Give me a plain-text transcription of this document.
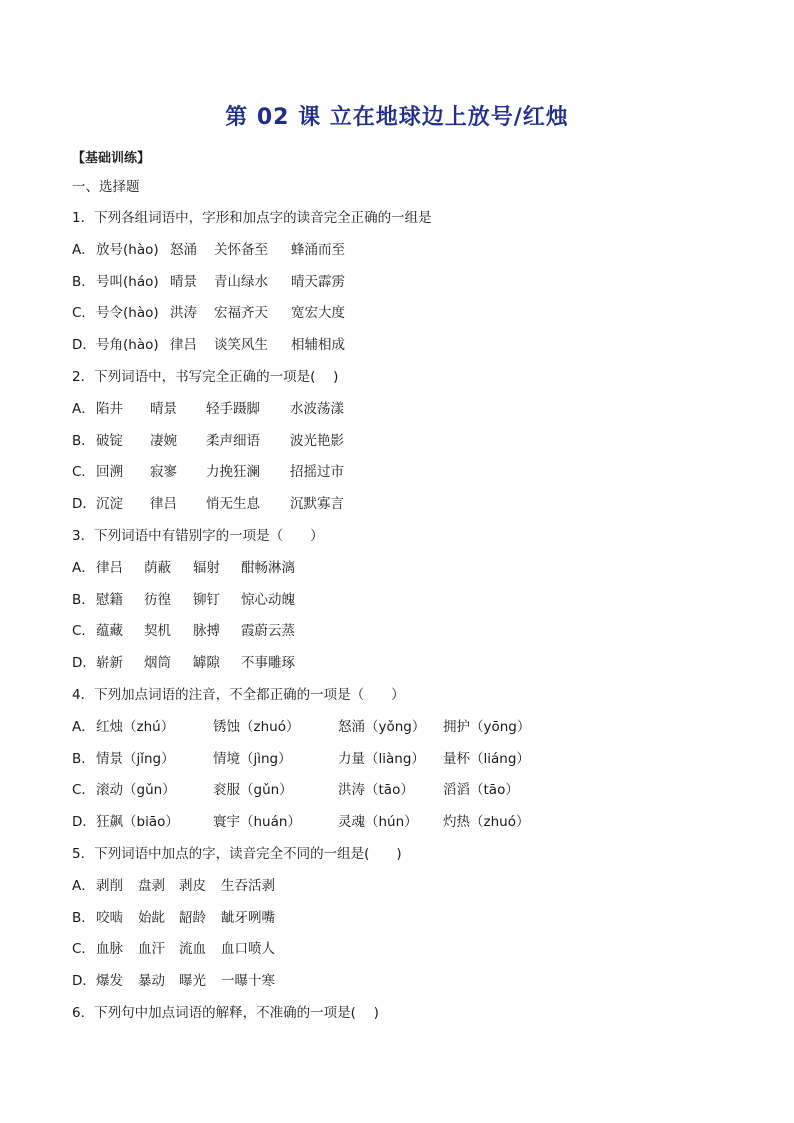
第 02 课 立在地球边上放号/红烛
【基础训练】
一、选择题
1．下列各组词语中，字形和加点字的读音完全正确的一组是
A． 放号(hào) 怒涌 关怀备至 蜂涌而至
B． 号叫(háo) 晴景 青山绿水 晴天霹雳
C． 号令(hào) 洪涛 宏福齐天 宽宏大度
D． 号角(hào) 律吕 谈笑风生 相辅相成
2．下列词语中，书写完全正确的一项是(　 )
A． 陷井 晴景 轻手蹑脚 水波荡漾
B． 破锭 凄婉 柔声细语 波光艳影
C． 回溯 寂寥 力挽狂澜 招摇过市
D． 沉淀 律吕 悄无生息 沉默寡言
3．下列词语中有错别字的一项是（　　）
A． 律吕 荫蔽 辐射 酣畅淋漓
B． 慰籍 彷徨 铆钉 惊心动魄
C． 蕴藏 契机 脉搏 霞蔚云蒸
D． 崭新 烟筒 罅隙 不事雕琢
4．下列加点词语的注音，不全都正确的一项是（　　）
A． 红烛（zhú）	锈蚀（zhuó）	怒涌（yǒng） 拥护（yōng）
B． 情景（jǐng）	情境（jìng）	力量（liàng） 量杯（liáng）
C． 滚动（gǔn）	衮服（gǔn）	洪涛（tāo） 滔滔（tāo）
D． 狂飙（biāo）	寰宇（huán）	灵魂（hún） 灼热（zhuó）
5．下列词语中加点的字，读音完全不同的一组是(　　)
A． 剥削 盘剥 剥皮 生吞活剥
B． 咬啮 始龀 龆龄 龇牙咧嘴
C． 血脉 血汗 流血 血口喷人
D． 爆发 暴动 曝光 一曝十寒
6．下列句中加点词语的解释，不准确的一项是(　 )
